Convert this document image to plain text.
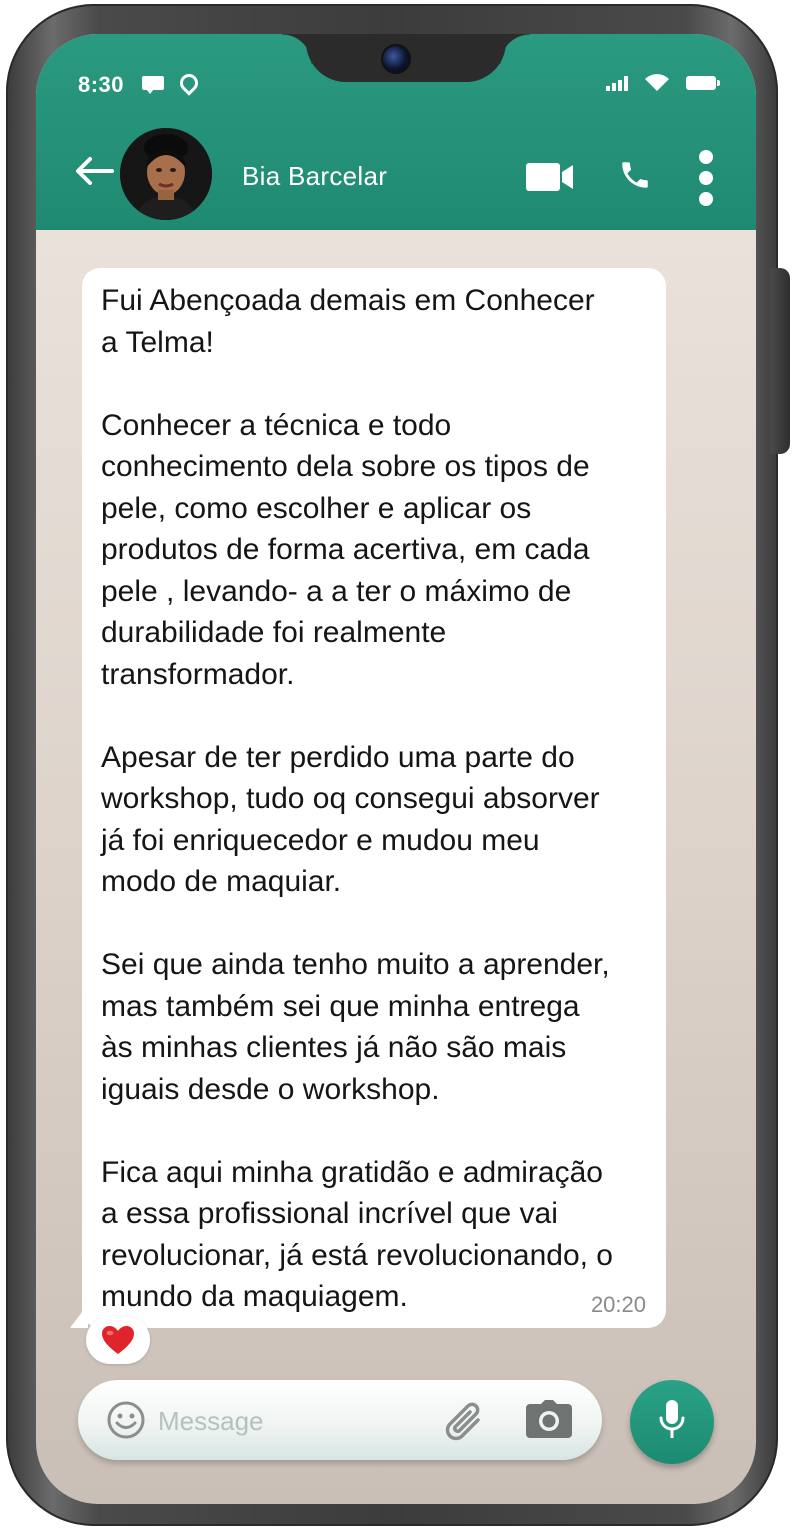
8:30
Bia Barcelar

Fui Abençoada demais em Conhecer
a Telma!

Conhecer a técnica e todo
conhecimento dela sobre os tipos de
pele, como escolher e aplicar os
produtos de forma acertiva, em cada
pele , levando- a a ter o máximo de
durabilidade foi realmente
transformador.

Apesar de ter perdido uma parte do
workshop, tudo oq consegui absorver
já foi enriquecedor e mudou meu
modo de maquiar.

Sei que ainda tenho muito a aprender,
mas também sei que minha entrega
às minhas clientes já não são mais
iguais desde o workshop.

Fica aqui minha gratidão e admiração
a essa profissional incrível que vai
revolucionar, já está revolucionando, o
mundo da maquiagem.	20:20
Message
